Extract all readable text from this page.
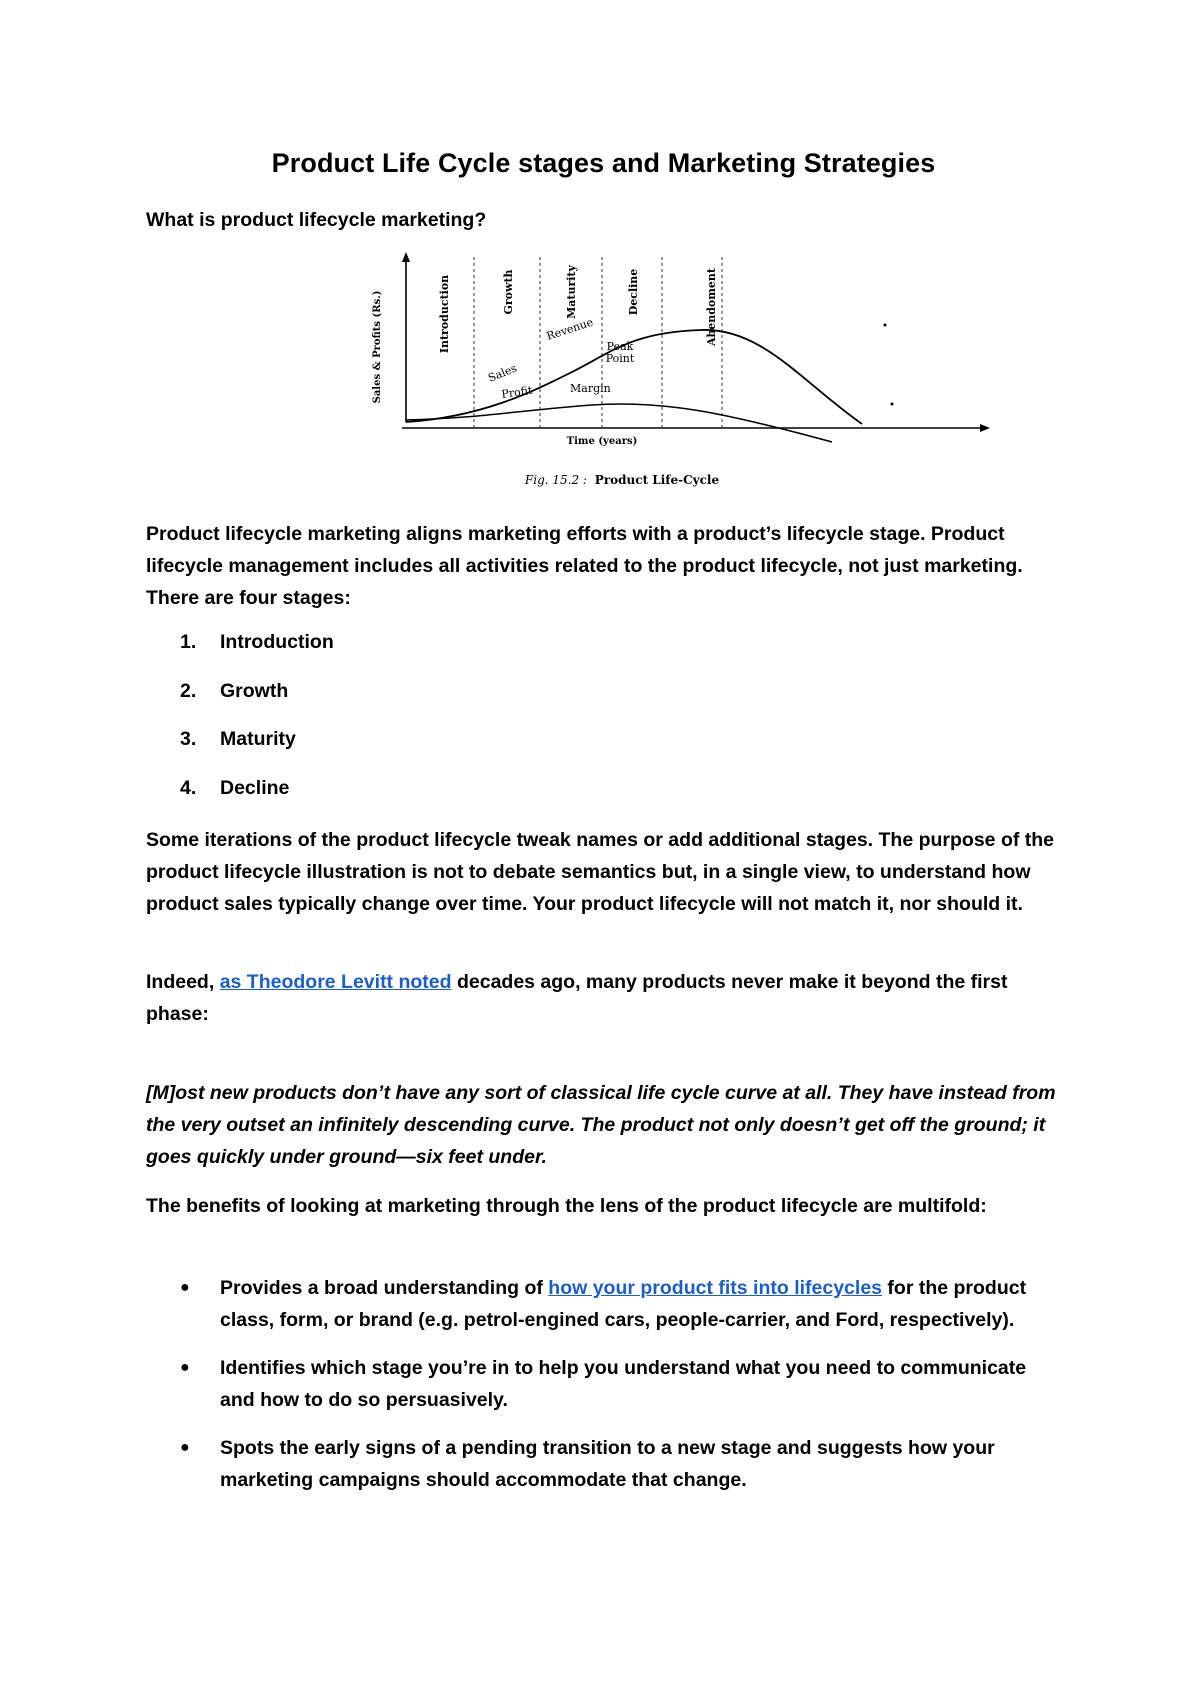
Product Life Cycle stages and Marketing Strategies

What is product lifecycle marketing?

Sales & Profits (Rs.)	Introduction	Growth	Maturity	Decline	Abendoment
Sales
Revenue
Peak
Point
Profit	Margin
Time (years)
Fig. 15.2 : Product Life-Cycle

Product lifecycle marketing aligns marketing efforts with a product’s lifecycle stage. Product lifecycle management includes all activities related to the product lifecycle, not just marketing. There are four stages:

1.	Introduction
2.	Growth
3.	Maturity
4.	Decline

Some iterations of the product lifecycle tweak names or add additional stages. The purpose of the product lifecycle illustration is not to debate semantics but, in a single view, to understand how product sales typically change over time. Your product lifecycle will not match it, nor should it.

Indeed, as Theodore Levitt noted decades ago, many products never make it beyond the first phase:

[M]ost new products don’t have any sort of classical life cycle curve at all. They have instead from the very outset an infinitely descending curve. The product not only doesn’t get off the ground; it goes quickly under ground—six feet under.

The benefits of looking at marketing through the lens of the product lifecycle are multifold:

●	Provides a broad understanding of how your product fits into lifecycles for the product class, form, or brand (e.g. petrol-engined cars, people-carrier, and Ford, respectively).
●	Identifies which stage you’re in to help you understand what you need to communicate and how to do so persuasively.
●	Spots the early signs of a pending transition to a new stage and suggests how your marketing campaigns should accommodate that change.
